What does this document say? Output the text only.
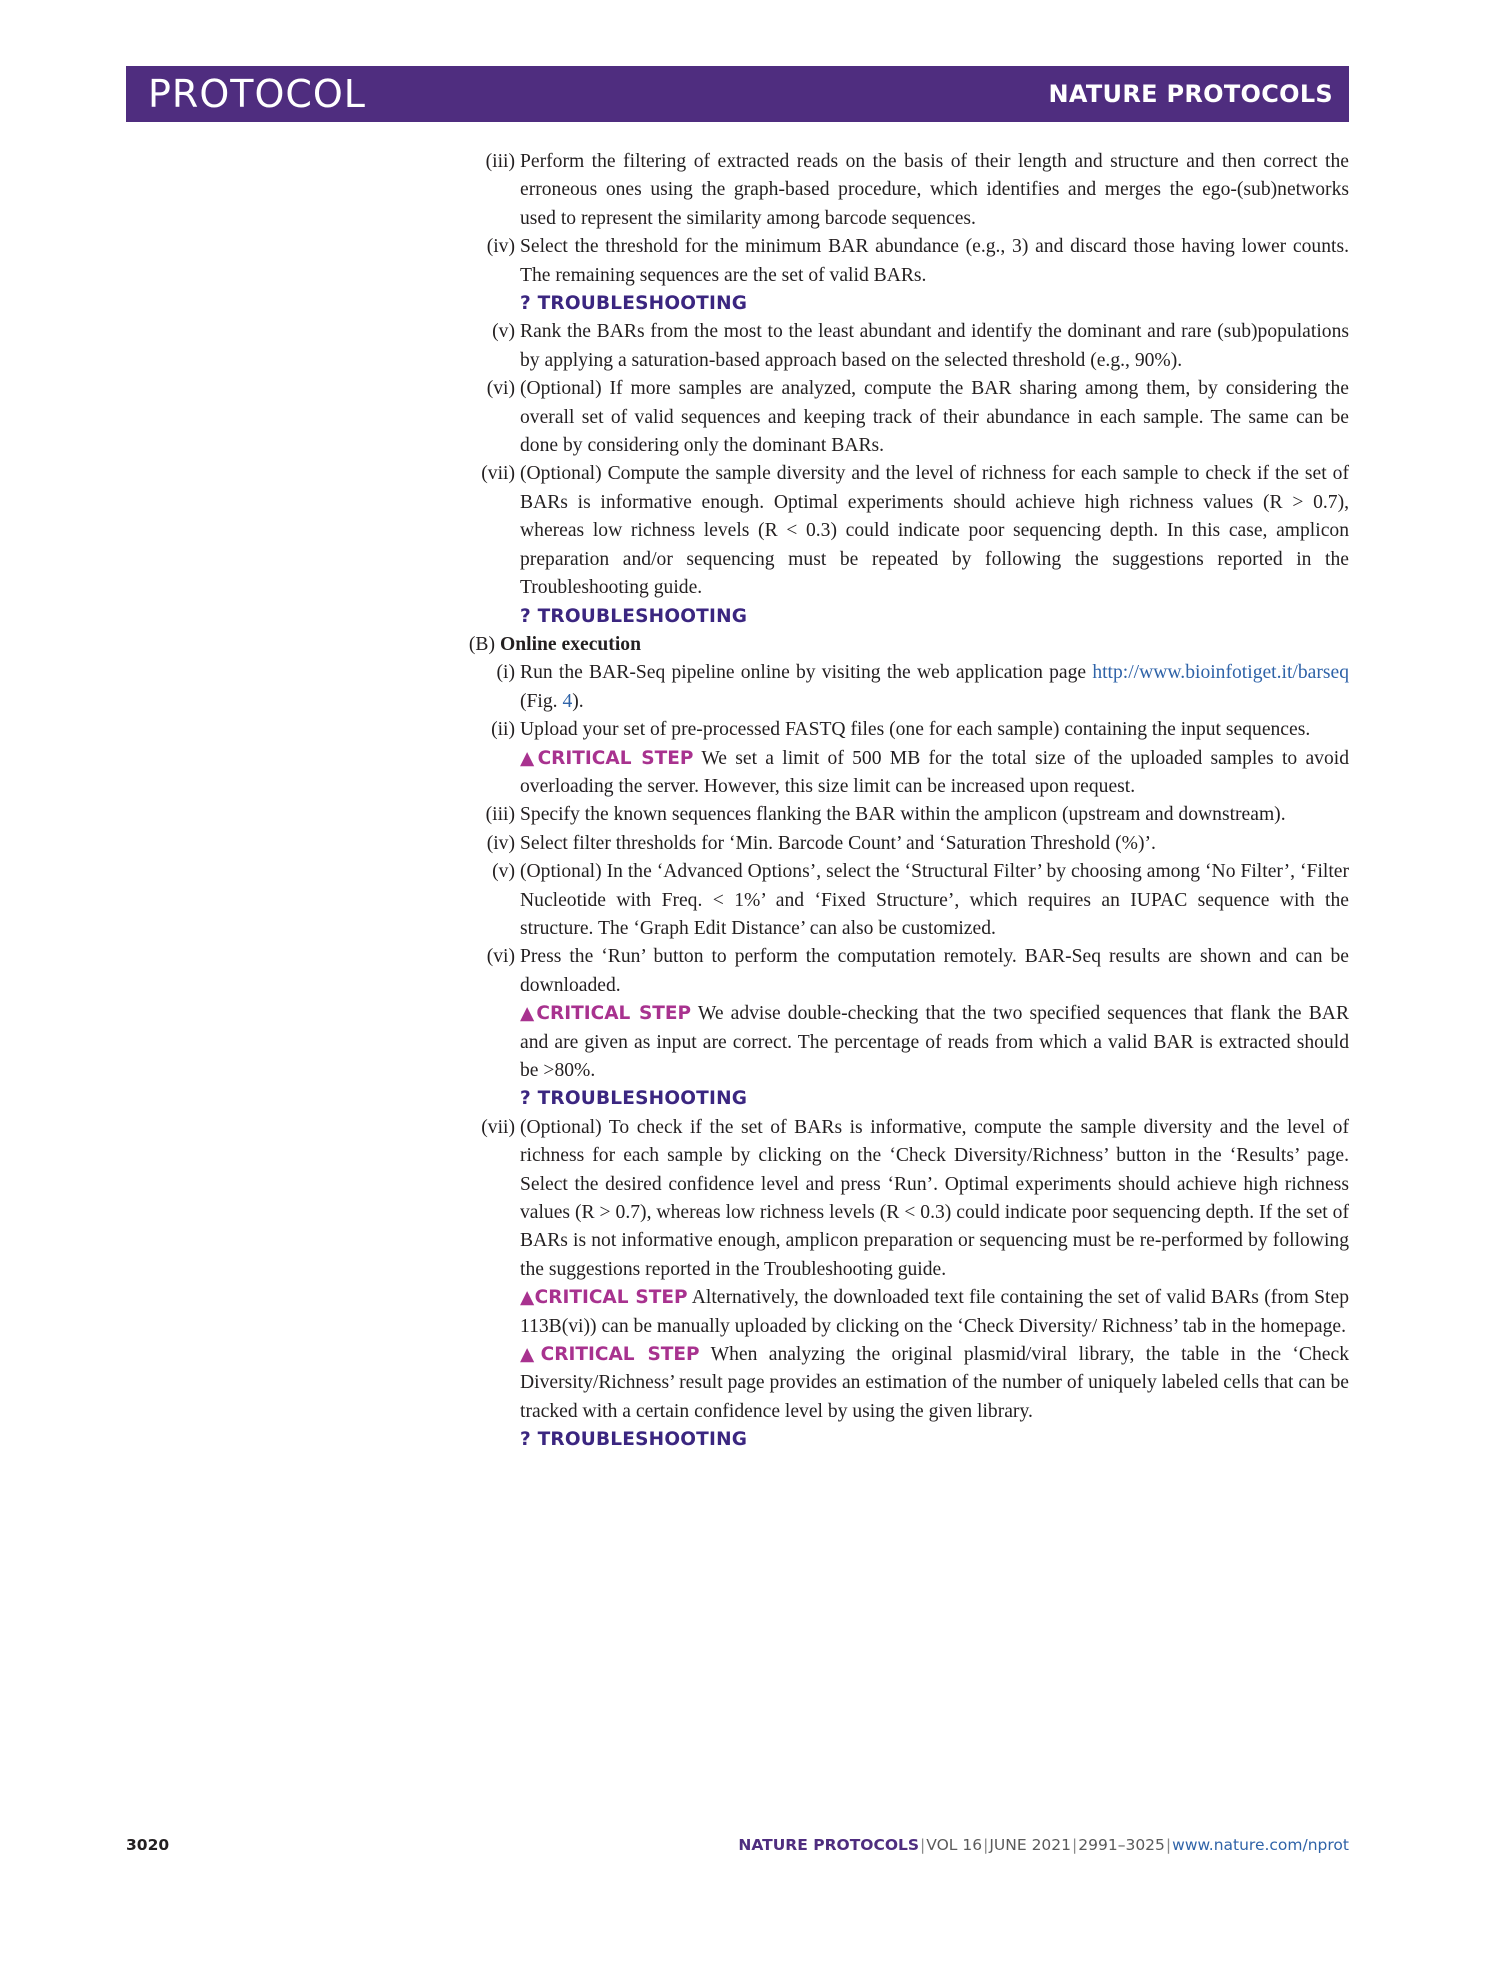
PROTOCOL	NATURE PROTOCOLS
(iii) Perform the filtering of extracted reads on the basis of their length and structure and then correct the erroneous ones using the graph-based procedure, which identifies and merges the ego-(sub)networks used to represent the similarity among barcode sequences.
(iv) Select the threshold for the minimum BAR abundance (e.g., 3) and discard those having lower counts. The remaining sequences are the set of valid BARs.
? TROUBLESHOOTING
(v) Rank the BARs from the most to the least abundant and identify the dominant and rare (sub)populations by applying a saturation-based approach based on the selected threshold (e.g., 90%).
(vi) (Optional) If more samples are analyzed, compute the BAR sharing among them, by considering the overall set of valid sequences and keeping track of their abundance in each sample. The same can be done by considering only the dominant BARs.
(vii) (Optional) Compute the sample diversity and the level of richness for each sample to check if the set of BARs is informative enough. Optimal experiments should achieve high richness values (R > 0.7), whereas low richness levels (R < 0.3) could indicate poor sequencing depth. In this case, amplicon preparation and/or sequencing must be repeated by following the suggestions reported in the Troubleshooting guide.
? TROUBLESHOOTING
(B) Online execution
(i) Run the BAR-Seq pipeline online by visiting the web application page http://www.bioinfotiget.it/barseq (Fig. 4).
(ii) Upload your set of pre-processed FASTQ files (one for each sample) containing the input sequences.
▲CRITICAL STEP We set a limit of 500 MB for the total size of the uploaded samples to avoid overloading the server. However, this size limit can be increased upon request.
(iii) Specify the known sequences flanking the BAR within the amplicon (upstream and downstream).
(iv) Select filter thresholds for ‘Min. Barcode Count’ and ‘Saturation Threshold (%)’.
(v) (Optional) In the ‘Advanced Options’, select the ‘Structural Filter’ by choosing among ‘No Filter’, ‘Filter Nucleotide with Freq. < 1%’ and ‘Fixed Structure’, which requires an IUPAC sequence with the structure. The ‘Graph Edit Distance’ can also be customized.
(vi) Press the ‘Run’ button to perform the computation remotely. BAR-Seq results are shown and can be downloaded.
▲CRITICAL STEP We advise double-checking that the two specified sequences that flank the BAR and are given as input are correct. The percentage of reads from which a valid BAR is extracted should be >80%.
? TROUBLESHOOTING
(vii) (Optional) To check if the set of BARs is informative, compute the sample diversity and the level of richness for each sample by clicking on the ‘Check Diversity/Richness’ button in the ‘Results’ page. Select the desired confidence level and press ‘Run’. Optimal experiments should achieve high richness values (R > 0.7), whereas low richness levels (R < 0.3) could indicate poor sequencing depth. If the set of BARs is not informative enough, amplicon preparation or sequencing must be re-performed by following the suggestions reported in the Troubleshooting guide.
▲CRITICAL STEP Alternatively, the downloaded text file containing the set of valid BARs (from Step 113B(vi)) can be manually uploaded by clicking on the ‘Check Diversity/ Richness’ tab in the homepage.
▲CRITICAL STEP When analyzing the original plasmid/viral library, the table in the ‘Check Diversity/Richness’ result page provides an estimation of the number of uniquely labeled cells that can be tracked with a certain confidence level by using the given library.
? TROUBLESHOOTING
3020	NATURE PROTOCOLS|VOL 16|JUNE 2021|2991–3025|www.nature.com/nprot
